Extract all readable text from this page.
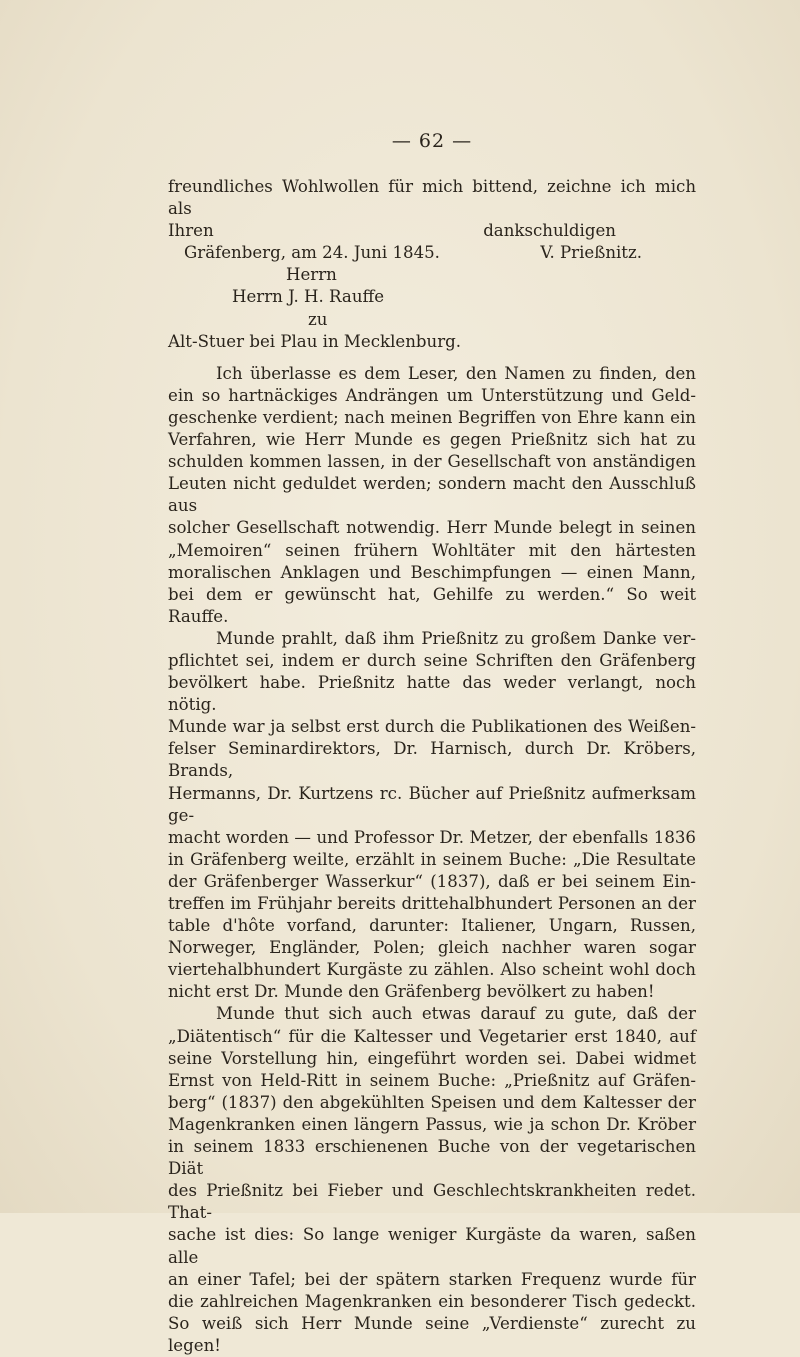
— 62 —
freundliches Wohlwollen für mich bittend, zeichne ich mich als
Ihren	dankschuldigen
Gräfenberg, am 24. Juni 1845.	V. Prießnitz.
Herrn
Herrn J. H. Rauffe
zu
Alt-Stuer bei Plau in Mecklenburg.
Ich überlasse es dem Leser, den Namen zu finden, den
ein so hartnäckiges Andrängen um Unterstützung und Geld-
geschenke verdient; nach meinen Begriffen von Ehre kann ein
Verfahren, wie Herr Munde es gegen Prießnitz sich hat zu
schulden kommen lassen, in der Gesellschaft von anständigen
Leuten nicht geduldet werden; sondern macht den Ausschluß aus
solcher Gesellschaft notwendig. Herr Munde belegt in seinen
„Memoiren“ seinen frühern Wohltäter mit den härtesten
moralischen Anklagen und Beschimpfungen — einen Mann,
bei dem er gewünscht hat, Gehilfe zu werden.“ So weit Rauffe.
Munde prahlt, daß ihm Prießnitz zu großem Danke ver-
pflichtet sei, indem er durch seine Schriften den Gräfenberg
bevölkert habe. Prießnitz hatte das weder verlangt, noch nötig.
Munde war ja selbst erst durch die Publikationen des Weißen-
felser Seminardirektors, Dr. Harnisch, durch Dr. Kröbers, Brands,
Hermanns, Dr. Kurtzens rc. Bücher auf Prießnitz aufmerksam ge-
macht worden — und Professor Dr. Metzer, der ebenfalls 1836
in Gräfenberg weilte, erzählt in seinem Buche: „Die Resultate
der Gräfenberger Wasserkur“ (1837), daß er bei seinem Ein-
treffen im Frühjahr bereits drittehalbhundert Personen an der
table d'hôte vorfand, darunter: Italiener, Ungarn, Russen,
Norweger, Engländer, Polen; gleich nachher waren sogar
viertehalbhundert Kurgäste zu zählen. Also scheint wohl doch
nicht erst Dr. Munde den Gräfenberg bevölkert zu haben!
Munde thut sich auch etwas darauf zu gute, daß der
„Diätentisch“ für die Kaltesser und Vegetarier erst 1840, auf
seine Vorstellung hin, eingeführt worden sei. Dabei widmet
Ernst von Held-Ritt in seinem Buche: „Prießnitz auf Gräfen-
berg“ (1837) den abgekühlten Speisen und dem Kaltesser der
Magenkranken einen längern Passus, wie ja schon Dr. Kröber
in seinem 1833 erschienenen Buche von der vegetarischen Diät
des Prießnitz bei Fieber und Geschlechtskrankheiten redet. That-
sache ist dies: So lange weniger Kurgäste da waren, saßen alle
an einer Tafel; bei der spätern starken Frequenz wurde für
die zahlreichen Magenkranken ein besonderer Tisch gedeckt.
So weiß sich Herr Munde seine „Verdienste“ zurecht zu legen!
